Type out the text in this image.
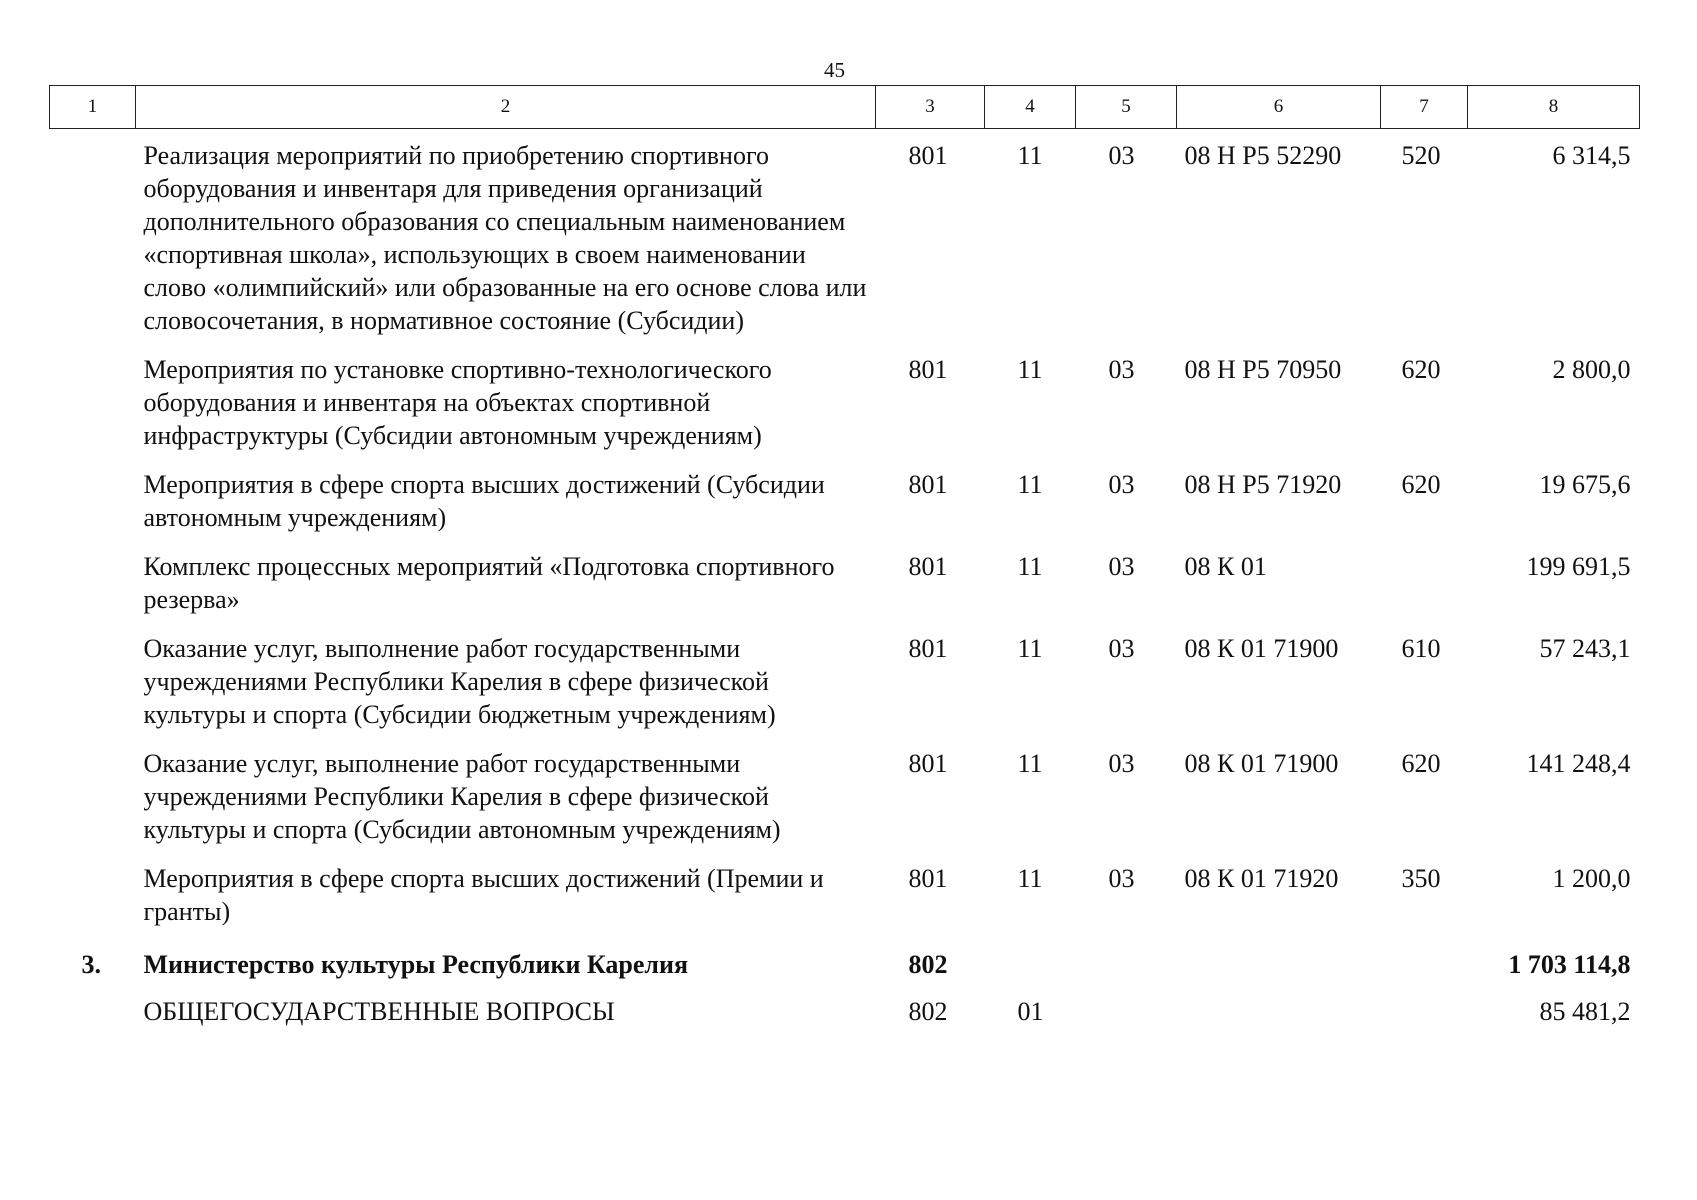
45
1	2	3	4	5	6	7	8
	Реализация мероприятий по приобретению спортивного оборудования и инвентаря для приведения организаций дополнительного образования со специальным наименованием «спортивная школа», использующих в своем наименовании слово «олимпийский» или образованные на его основе слова или словосочетания, в нормативное состояние (Субсидии)	801	11	03	08 Н Р5 52290	520	6 314,5
	Мероприятия по установке спортивно-технологического оборудования и инвентаря на объектах спортивной инфраструктуры (Субсидии автономным учреждениям)	801	11	03	08 Н Р5 70950	620	2 800,0
	Мероприятия в сфере спорта высших достижений (Субсидии автономным учреждениям)	801	11	03	08 Н Р5 71920	620	19 675,6
	Комплекс процессных мероприятий «Подготовка спортивного резерва»	801	11	03	08 К 01		199 691,5
	Оказание услуг, выполнение работ государственными учреждениями Республики Карелия в сфере физической культуры и спорта (Субсидии бюджетным учреждениям)	801	11	03	08 К 01 71900	610	57 243,1
	Оказание услуг, выполнение работ государственными учреждениями Республики Карелия в сфере физической культуры и спорта (Субсидии автономным учреждениям)	801	11	03	08 К 01 71900	620	141 248,4
	Мероприятия в сфере спорта высших достижений (Премии и гранты)	801	11	03	08 К 01 71920	350	1 200,0
3.	Министерство культуры Республики Карелия	802					1 703 114,8
	ОБЩЕГОСУДАРСТВЕННЫЕ ВОПРОСЫ	802	01				85 481,2
